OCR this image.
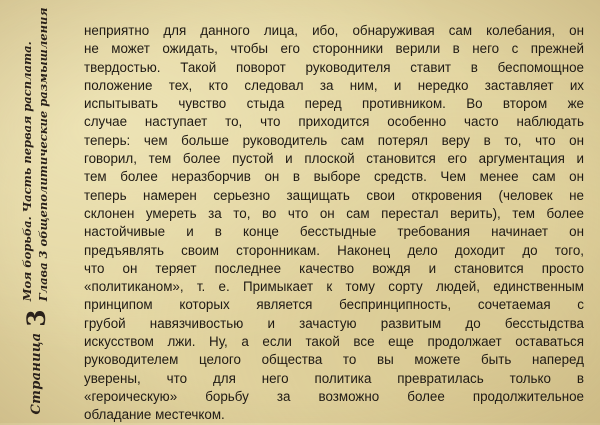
Страница
3
Моя борьба. Часть первая расплата. Глава 3 общеполитические размышления	неприятно для данного лица, ибо, обнаруживая сам колебания, он
не может ожидать, чтобы его сторонники верили в него с прежней
твердостью. Такой поворот руководителя ставит в беспомощное
положение тех, кто следовал за ним, и нередко заставляет их
испытывать чувство стыда перед противником. Во втором же
случае наступает то, что приходится особенно часто наблюдать
теперь: чем больше руководитель сам потерял веру в то, что он
говорил, тем более пустой и плоской становится его аргументация и
тем более неразборчив он в выборе средств. Чем менее сам он
теперь намерен серьезно защищать свои откровения (человек не
склонен умереть за то, во что он сам перестал верить), тем более
настойчивые и в конце бесстыдные требования начинает он
предъявлять своим сторонникам. Наконец дело доходит до того,
что он теряет последнее качество вождя и становится просто
«политиканом», т. е. Примыкает к тому сорту людей, единственным
принципом которых является беспринципность, сочетаемая с
грубой навязчивостью и зачастую развитым до бесстыдства
искусством лжи. Ну, а если такой все еще продолжает оставаться
руководителем целого общества то вы можете быть наперед
уверены, что для него политика превратилась только в
«героическую» борьбу за возможно более продолжительное
обладание местечком.
